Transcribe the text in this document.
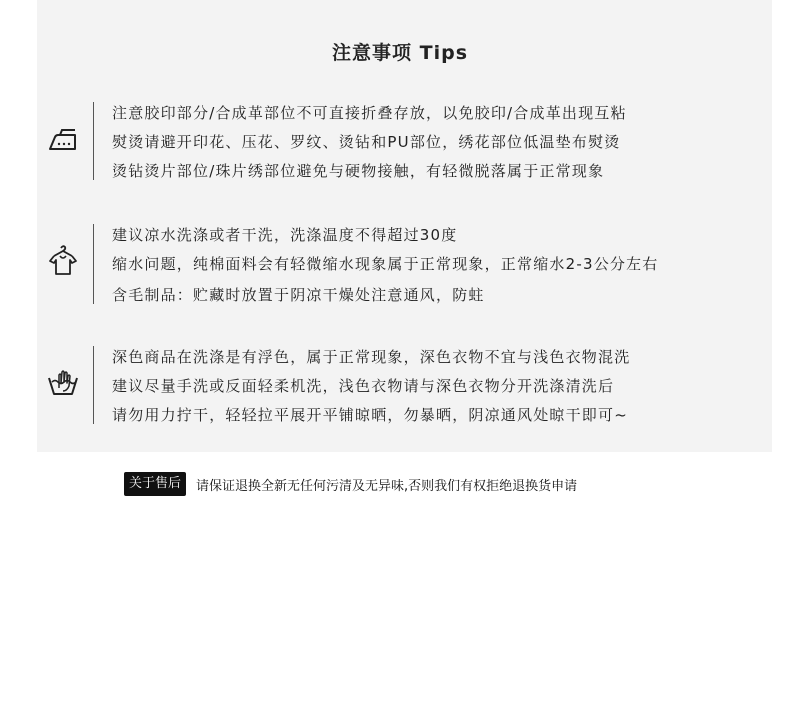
注意事项 Tips
注意胶印部分/合成革部位不可直接折叠存放，以免胶印/合成革出现互粘
熨烫请避开印花、压花、罗纹、烫钻和PU部位，绣花部位低温垫布熨烫
烫钻烫片部位/珠片绣部位避免与硬物接触，有轻微脱落属于正常现象
建议凉水洗涤或者干洗，洗涤温度不得超过30度
缩水问题，纯棉面料会有轻微缩水现象属于正常现象，正常缩水2-3公分左右
含毛制品：贮藏时放置于阴凉干燥处注意通风，防蛀
深色商品在洗涤是有浮色，属于正常现象，深色衣物不宜与浅色衣物混洗
建议尽量手洗或反面轻柔机洗，浅色衣物请与深色衣物分开洗涤清洗后
请勿用力拧干，轻轻拉平展开平铺晾晒，勿暴晒，阴凉通风处晾干即可~
关于售后	请保证退换全新无任何污清及无异味,否则我们有权拒绝退换货申请
